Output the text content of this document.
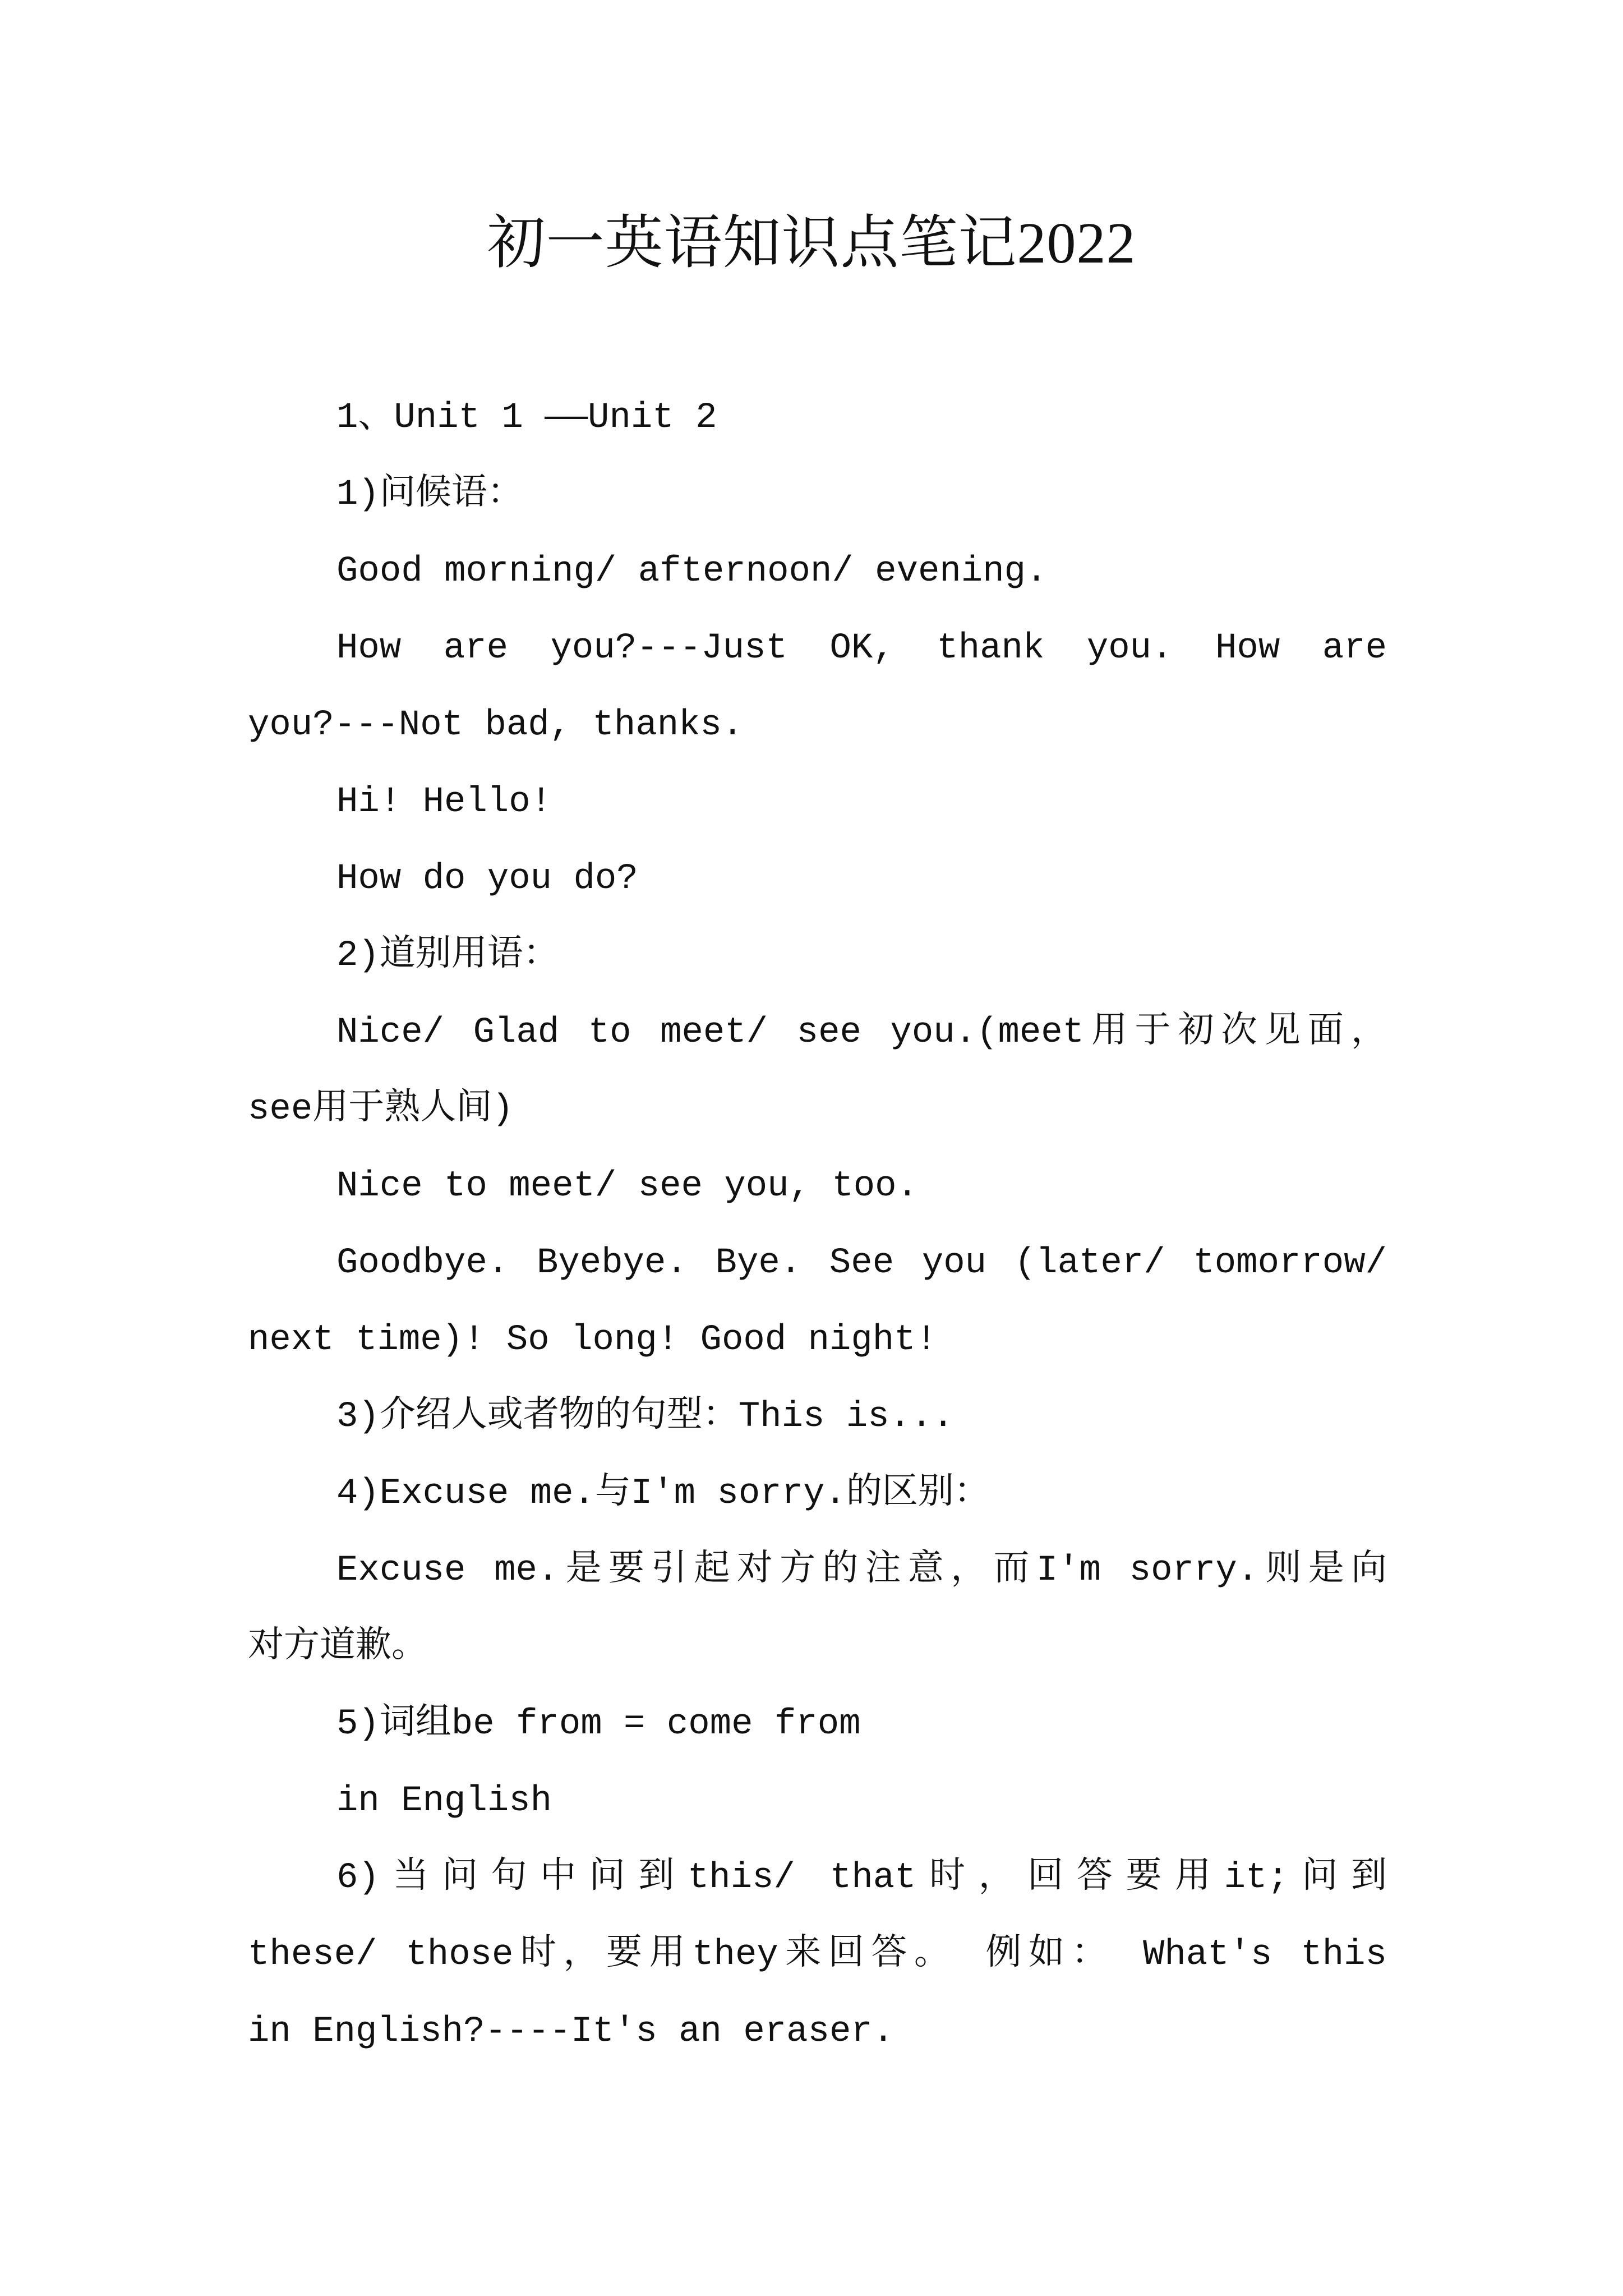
初一英语知识点笔记2022
1、Unit 1 ——Unit 2
1)问候语：
Good morning/ afternoon/ evening.
How are you?---Just OK, thank you. How are
you?---Not bad, thanks.
Hi! Hello!
How do you do?
2)道别用语：
Nice/ Glad to meet/ see you.(meet用于初次见面，
see用于熟人间)
Nice to meet/ see you, too.
Goodbye. Byebye. Bye. See you (later/ tomorrow/
next time)! So long! Good night!
3)介绍人或者物的句型：This is...
4)Excuse me.与I'm sorry.的区别：
Excuse me.是要引起对方的注意，而I'm sorry.则是向
对方道歉。
5)词组be from = come from
in English
6)当问句中问到this/ that时，回答要用it;问到
these/ those时，要用they来回答。 例如： What's this
in English?----It's an eraser.
